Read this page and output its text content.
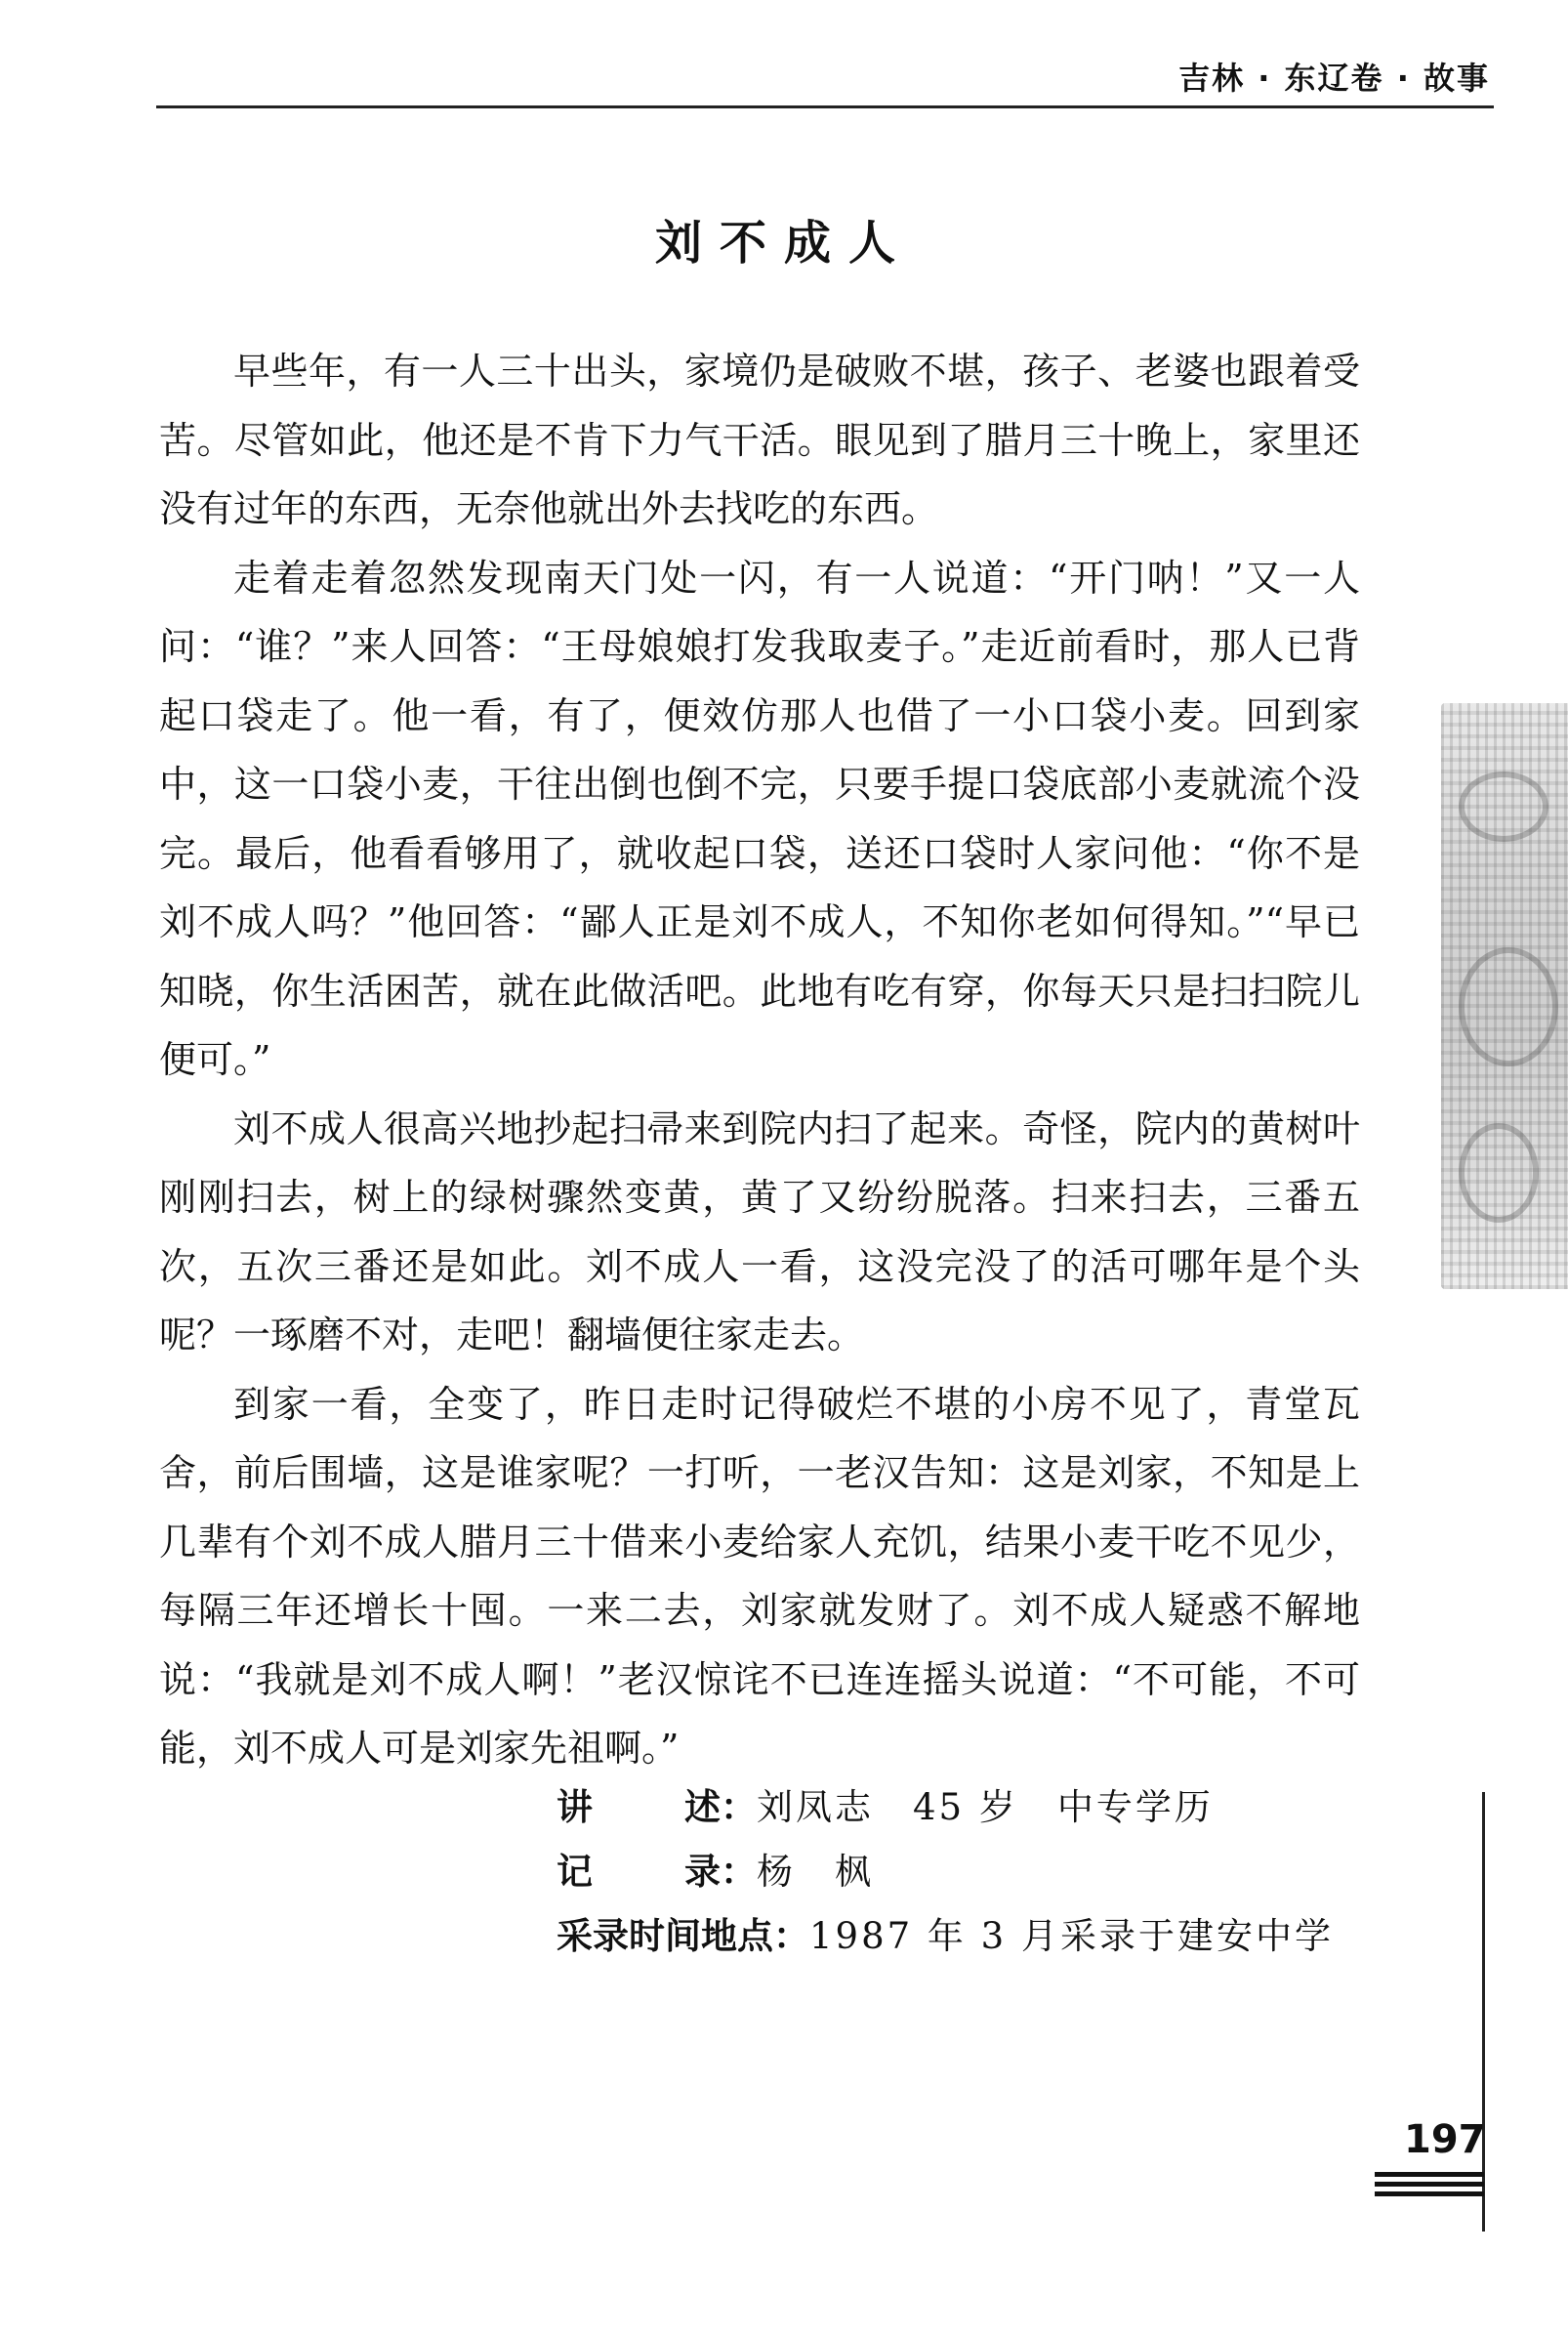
吉林 · 东辽卷 · 故事
刘不成人

早些年，有一人三十出头，家境仍是破败不堪，孩子、老婆也跟着受苦。尽管如此，他还是不肯下力气干活。眼见到了腊月三十晚上，家里还没有过年的东西，无奈他就出外去找吃的东西。

走着走着忽然发现南天门处一闪，有一人说道：“开门呐！”又一人问：“谁？”来人回答：“王母娘娘打发我取麦子。”走近前看时，那人已背起口袋走了。他一看，有了，便效仿那人也借了一小口袋小麦。回到家中，这一口袋小麦，干往出倒也倒不完，只要手提口袋底部小麦就流个没完。最后，他看看够用了，就收起口袋，送还口袋时人家问他：“你不是刘不成人吗？”他回答：“鄙人正是刘不成人，不知你老如何得知。”“早已知晓，你生活困苦，就在此做活吧。此地有吃有穿，你每天只是扫扫院儿便可。”

刘不成人很高兴地抄起扫帚来到院内扫了起来。奇怪，院内的黄树叶刚刚扫去，树上的绿树骤然变黄，黄了又纷纷脱落。扫来扫去，三番五次，五次三番还是如此。刘不成人一看，这没完没了的活可哪年是个头呢？一琢磨不对，走吧！翻墙便往家走去。

到家一看，全变了，昨日走时记得破烂不堪的小房不见了，青堂瓦舍，前后围墙，这是谁家呢？一打听，一老汉告知：这是刘家，不知是上几辈有个刘不成人腊月三十借来小麦给家人充饥，结果小麦干吃不见少，每隔三年还增长十囤。一来二去，刘家就发财了。刘不成人疑惑不解地说：“我就是刘不成人啊！”老汉惊诧不已连连摇头说道：“不可能，不可能，刘不成人可是刘家先祖啊。”

讲	述： 刘凤志 45 岁 中专学历
记	录： 杨　枫
采录时间地点： 1987 年 3 月采录于建安中学
197
